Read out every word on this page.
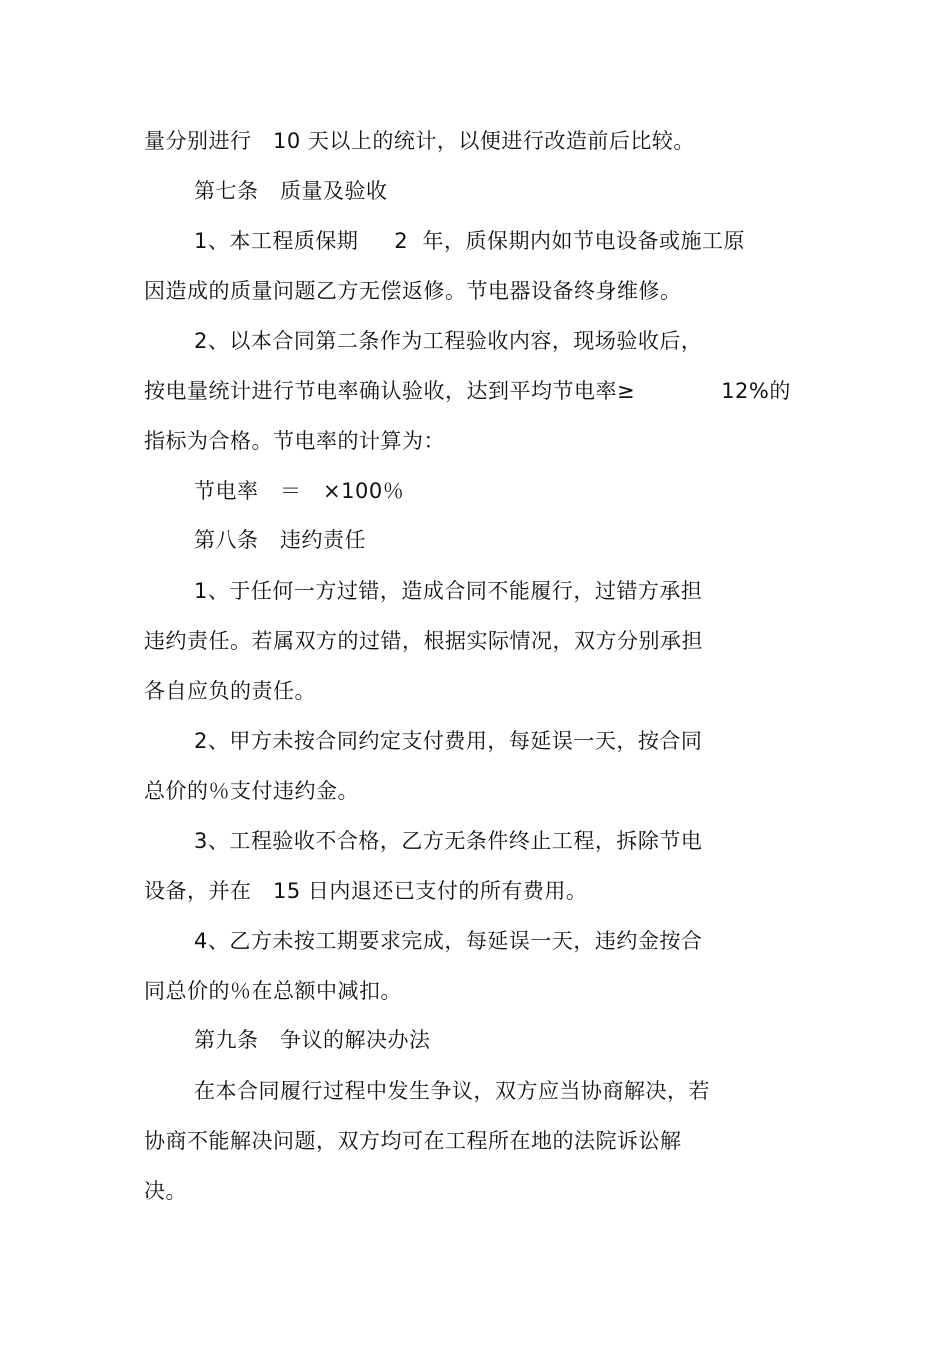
量分别进行   10 天以上的统计，以便进行改造前后比较。
第七条   质量及验收
1、本工程质保期     2  年，质保期内如节电设备或施工原
因造成的质量问题乙方无偿返修。节电器设备终身维修。
2、以本合同第二条作为工程验收内容，现场验收后，
按电量统计进行节电率确认验收，达到平均节电率≥            12%的
指标为合格。节电率的计算为：
节电率   ＝   ×100％
第八条   违约责任
1、于任何一方过错，造成合同不能履行，过错方承担
违约责任。若属双方的过错，根据实际情况，双方分别承担
各自应负的责任。
2、甲方未按合同约定支付费用，每延误一天，按合同
总价的％支付违约金。
3、工程验收不合格，乙方无条件终止工程，拆除节电
设备，并在   15 日内退还已支付的所有费用。
4、乙方未按工期要求完成，每延误一天，违约金按合
同总价的％在总额中减扣。
第九条   争议的解决办法
在本合同履行过程中发生争议，双方应当协商解决，若
协商不能解决问题，双方均可在工程所在地的法院诉讼解
决。
